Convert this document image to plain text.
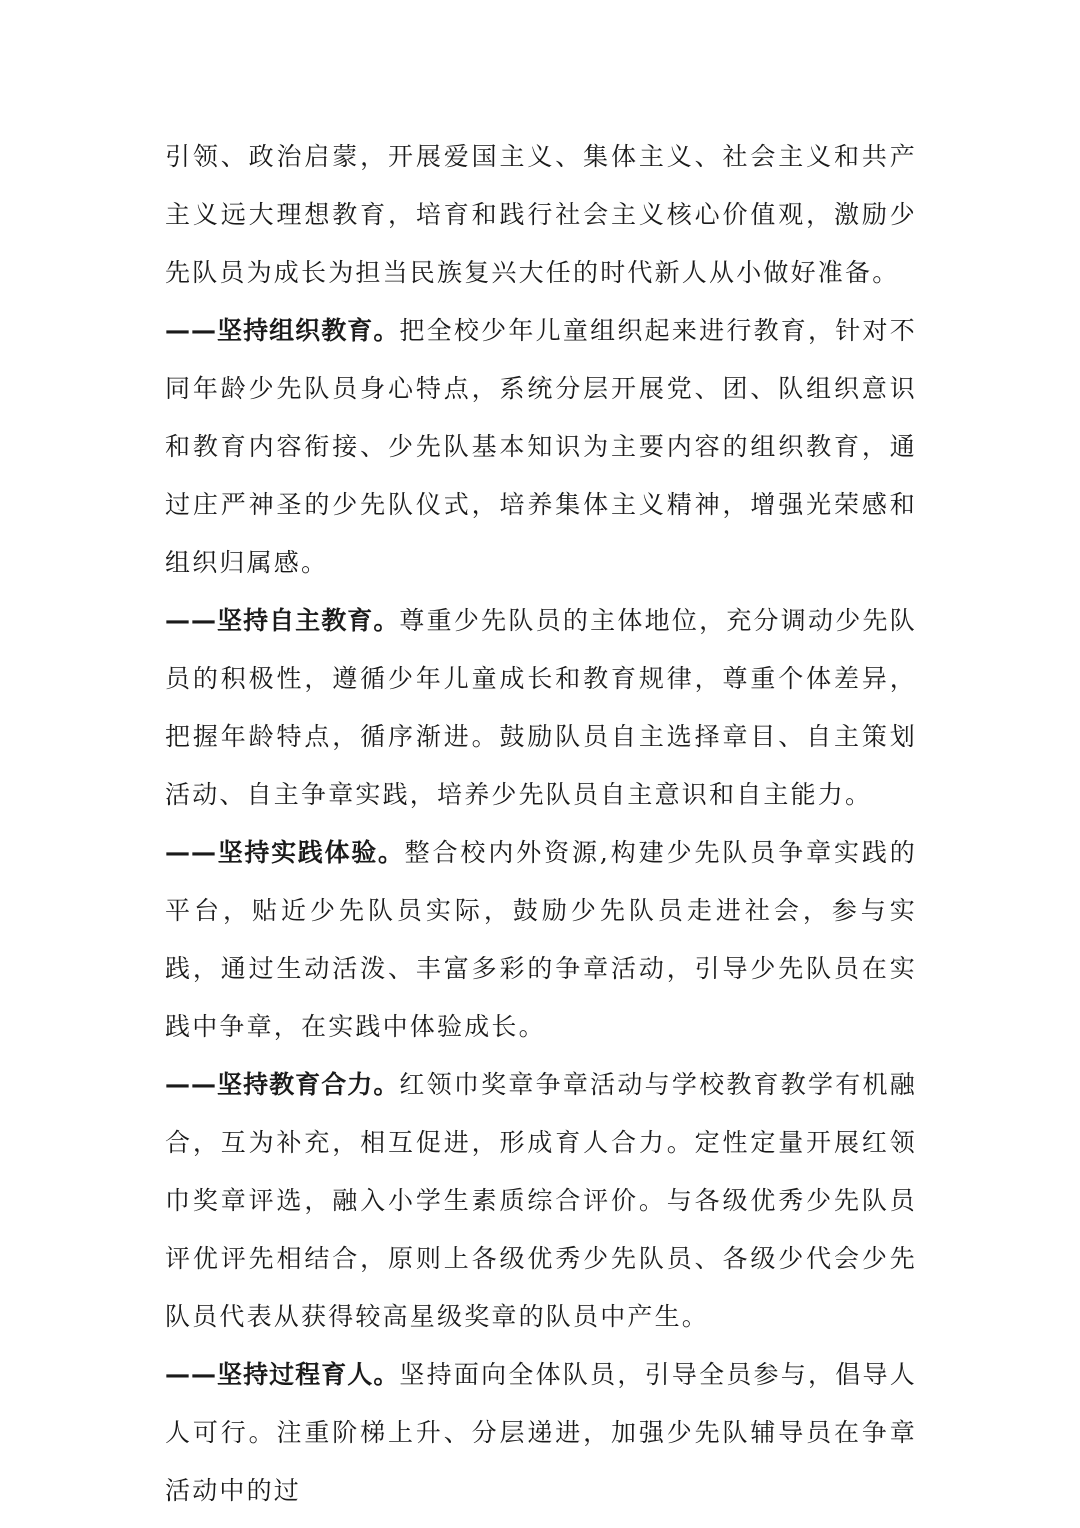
引领、政治启蒙，开展爱国主义、集体主义、社会主义和共产主义远大理想教育，培育和践行社会主义核心价值观，激励少先队员为成长为担当民族复兴大任的时代新人从小做好准备。

——坚持组织教育。把全校少年儿童组织起来进行教育，针对不同年龄少先队员身心特点，系统分层开展党、团、队组织意识和教育内容衔接、少先队基本知识为主要内容的组织教育，通过庄严神圣的少先队仪式，培养集体主义精神，增强光荣感和组织归属感。

——坚持自主教育。尊重少先队员的主体地位，充分调动少先队员的积极性，遵循少年儿童成长和教育规律，尊重个体差异，把握年龄特点，循序渐进。鼓励队员自主选择章目、自主策划活动、自主争章实践，培养少先队员自主意识和自主能力。

——坚持实践体验。整合校内外资源,构建少先队员争章实践的平台，贴近少先队员实际，鼓励少先队员走进社会，参与实践，通过生动活泼、丰富多彩的争章活动，引导少先队员在实践中争章，在实践中体验成长。

——坚持教育合力。红领巾奖章争章活动与学校教育教学有机融合，互为补充，相互促进，形成育人合力。定性定量开展红领巾奖章评选，融入小学生素质综合评价。与各级优秀少先队员评优评先相结合，原则上各级优秀少先队员、各级少代会少先队员代表从获得较高星级奖章的队员中产生。

——坚持过程育人。坚持面向全体队员，引导全员参与，倡导人人可行。注重阶梯上升、分层递进，加强少先队辅导员在争章活动中的过
